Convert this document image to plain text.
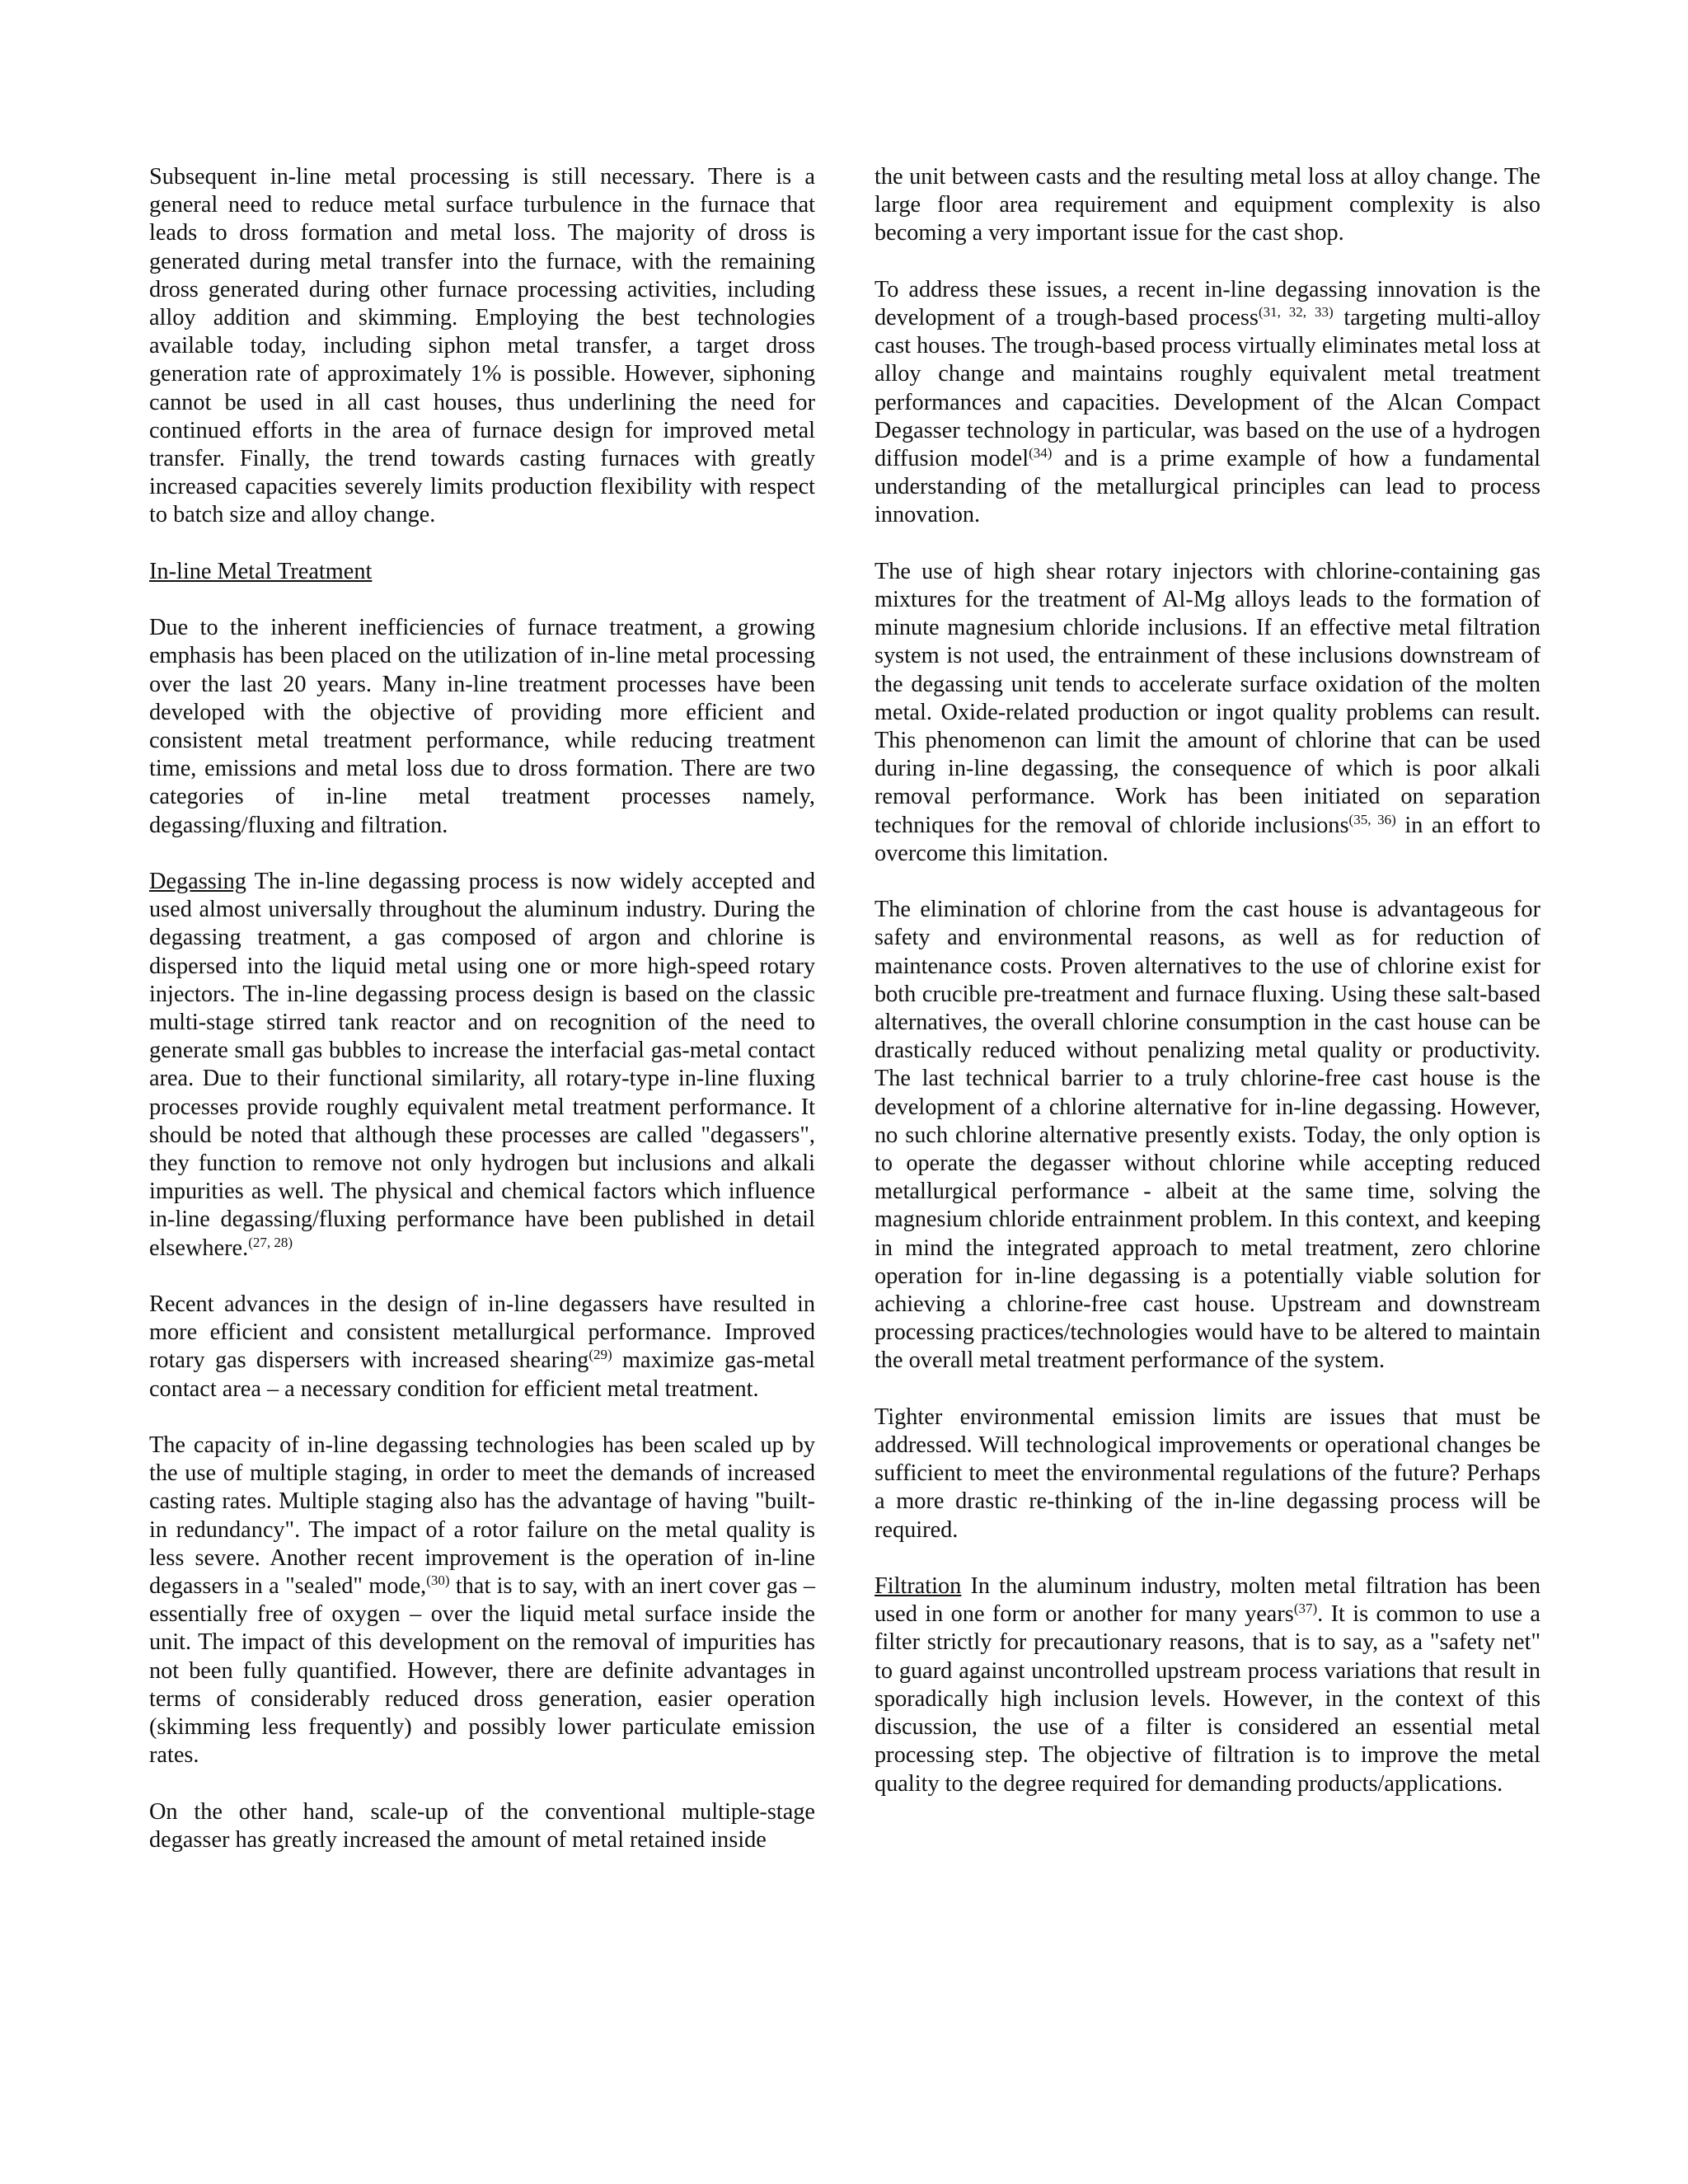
Subsequent in-line metal processing is still necessary. There is a general need to reduce metal surface turbulence in the furnace that leads to dross formation and metal loss. The majority of dross is generated during metal transfer into the furnace, with the remaining dross generated during other furnace processing activities, including alloy addition and skimming. Employing the best technologies available today, including siphon metal transfer, a target dross generation rate of approximately 1% is possible. However, siphoning cannot be used in all cast houses, thus underlining the need for continued efforts in the area of furnace design for improved metal transfer. Finally, the trend towards casting furnaces with greatly increased capacities severely limits production flexibility with respect to batch size and alloy change.

In-line Metal Treatment

Due to the inherent inefficiencies of furnace treatment, a growing emphasis has been placed on the utilization of in-line metal processing over the last 20 years. Many in-line treatment processes have been developed with the objective of providing more efficient and consistent metal treatment performance, while reducing treatment time, emissions and metal loss due to dross formation. There are two categories of in-line metal treatment processes namely, degassing/fluxing and filtration.

Degassing The in-line degassing process is now widely accepted and used almost universally throughout the aluminum industry. During the degassing treatment, a gas composed of argon and chlorine is dispersed into the liquid metal using one or more high-speed rotary injectors. The in-line degassing process design is based on the classic multi-stage stirred tank reactor and on recognition of the need to generate small gas bubbles to increase the interfacial gas-metal contact area. Due to their functional similarity, all rotary-type in-line fluxing processes provide roughly equivalent metal treatment performance. It should be noted that although these processes are called "degassers", they function to remove not only hydrogen but inclusions and alkali impurities as well. The physical and chemical factors which influence in-line degassing/fluxing performance have been published in detail elsewhere.$^{(27, 28)}$

Recent advances in the design of in-line degassers have resulted in more efficient and consistent metallurgical performance. Improved rotary gas dispersers with increased shearing$^{(29)}$ maximize gas-metal contact area – a necessary condition for efficient metal treatment.

The capacity of in-line degassing technologies has been scaled up by the use of multiple staging, in order to meet the demands of increased casting rates. Multiple staging also has the advantage of having "built-in redundancy". The impact of a rotor failure on the metal quality is less severe. Another recent improvement is the operation of in-line degassers in a "sealed" mode,$^{(30)}$ that is to say, with an inert cover gas – essentially free of oxygen – over the liquid metal surface inside the unit. The impact of this development on the removal of impurities has not been fully quantified. However, there are definite advantages in terms of considerably reduced dross generation, easier operation (skimming less frequently) and possibly lower particulate emission rates.

On the other hand, scale-up of the conventional multiple-stage degasser has greatly increased the amount of metal retained inside

the unit between casts and the resulting metal loss at alloy change. The large floor area requirement and equipment complexity is also becoming a very important issue for the cast shop.

To address these issues, a recent in-line degassing innovation is the development of a trough-based process$^{(31, 32, 33)}$ targeting multi-alloy cast houses. The trough-based process virtually eliminates metal loss at alloy change and maintains roughly equivalent metal treatment performances and capacities. Development of the Alcan Compact Degasser technology in particular, was based on the use of a hydrogen diffusion model$^{(34)}$ and is a prime example of how a fundamental understanding of the metallurgical principles can lead to process innovation.

The use of high shear rotary injectors with chlorine-containing gas mixtures for the treatment of Al-Mg alloys leads to the formation of minute magnesium chloride inclusions. If an effective metal filtration system is not used, the entrainment of these inclusions downstream of the degassing unit tends to accelerate surface oxidation of the molten metal. Oxide-related production or ingot quality problems can result. This phenomenon can limit the amount of chlorine that can be used during in-line degassing, the consequence of which is poor alkali removal performance. Work has been initiated on separation techniques for the removal of chloride inclusions$^{(35, 36)}$ in an effort to overcome this limitation.

The elimination of chlorine from the cast house is advantageous for safety and environmental reasons, as well as for reduction of maintenance costs. Proven alternatives to the use of chlorine exist for both crucible pre-treatment and furnace fluxing. Using these salt-based alternatives, the overall chlorine consumption in the cast house can be drastically reduced without penalizing metal quality or productivity. The last technical barrier to a truly chlorine-free cast house is the development of a chlorine alternative for in-line degassing. However, no such chlorine alternative presently exists. Today, the only option is to operate the degasser without chlorine while accepting reduced metallurgical performance - albeit at the same time, solving the magnesium chloride entrainment problem. In this context, and keeping in mind the integrated approach to metal treatment, zero chlorine operation for in-line degassing is a potentially viable solution for achieving a chlorine-free cast house. Upstream and downstream processing practices/technologies would have to be altered to maintain the overall metal treatment performance of the system.

Tighter environmental emission limits are issues that must be addressed. Will technological improvements or operational changes be sufficient to meet the environmental regulations of the future? Perhaps a more drastic re-thinking of the in-line degassing process will be required.

Filtration In the aluminum industry, molten metal filtration has been used in one form or another for many years$^{(37)}$. It is common to use a filter strictly for precautionary reasons, that is to say, as a "safety net" to guard against uncontrolled upstream process variations that result in sporadically high inclusion levels. However, in the context of this discussion, the use of a filter is considered an essential metal processing step. The objective of filtration is to improve the metal quality to the degree required for demanding products/applications.
